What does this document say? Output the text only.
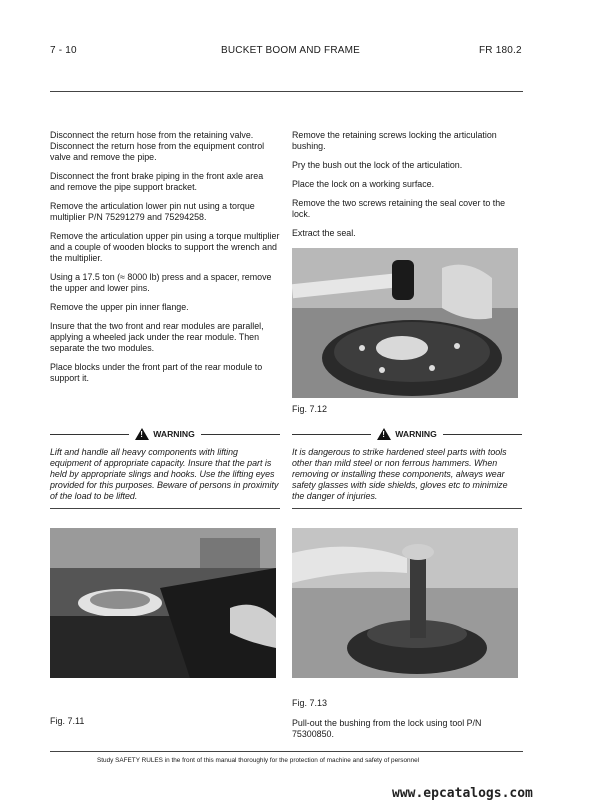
7 - 10	BUCKET BOOM AND FRAME	FR 180.2

Disconnect the return hose from the retaining valve. Disconnect the return hose from the equipment control valve and remove the pipe.

Disconnect the front brake piping in the front axle area and remove the pipe support bracket.

Remove the articulation lower pin nut using a torque multiplier P/N 75291279 and 75294258.

Remove the articulation upper pin using a torque multiplier and a couple of wooden blocks to support the wrench and the multiplier.

Using a 17.5 ton (≈ 8000 lb) press and a spacer, remove the upper and lower pins.

Remove the upper pin inner flange.

Insure that the two front and rear modules are parallel, applying a wheeled jack under the rear module. Then separate the two modules.

Place blocks under the front part of the rear module to support it.

Remove the retaining screws locking the articulation bushing.

Pry the bush out the lock of the articulation.

Place the lock on a working surface.

Remove the two screws retaining the seal cover to the lock.

Extract the seal.

Fig. 7.12
!
WARNING
Lift and handle all heavy components with lifting equipment of appropriate capacity. Insure that the part is held by appropriate slings and hooks. Use the lifting eyes provided for this purposes. Beware of persons in proximity of the load to be lifted.
!
WARNING
It is dangerous to strike hardened steel parts with tools other than mild steel or non ferrous hammers. When removing or installing these components, always wear safety glasses with side shields, gloves etc to minimize the danger of injuries.
Fig. 7.11
Fig. 7.13
Pull-out the bushing from the lock using tool P/N 75300850.
Study SAFETY RULES in the front of this manual thoroughly for the protection of machine and safety of personnel
www.epcatalogs.com
